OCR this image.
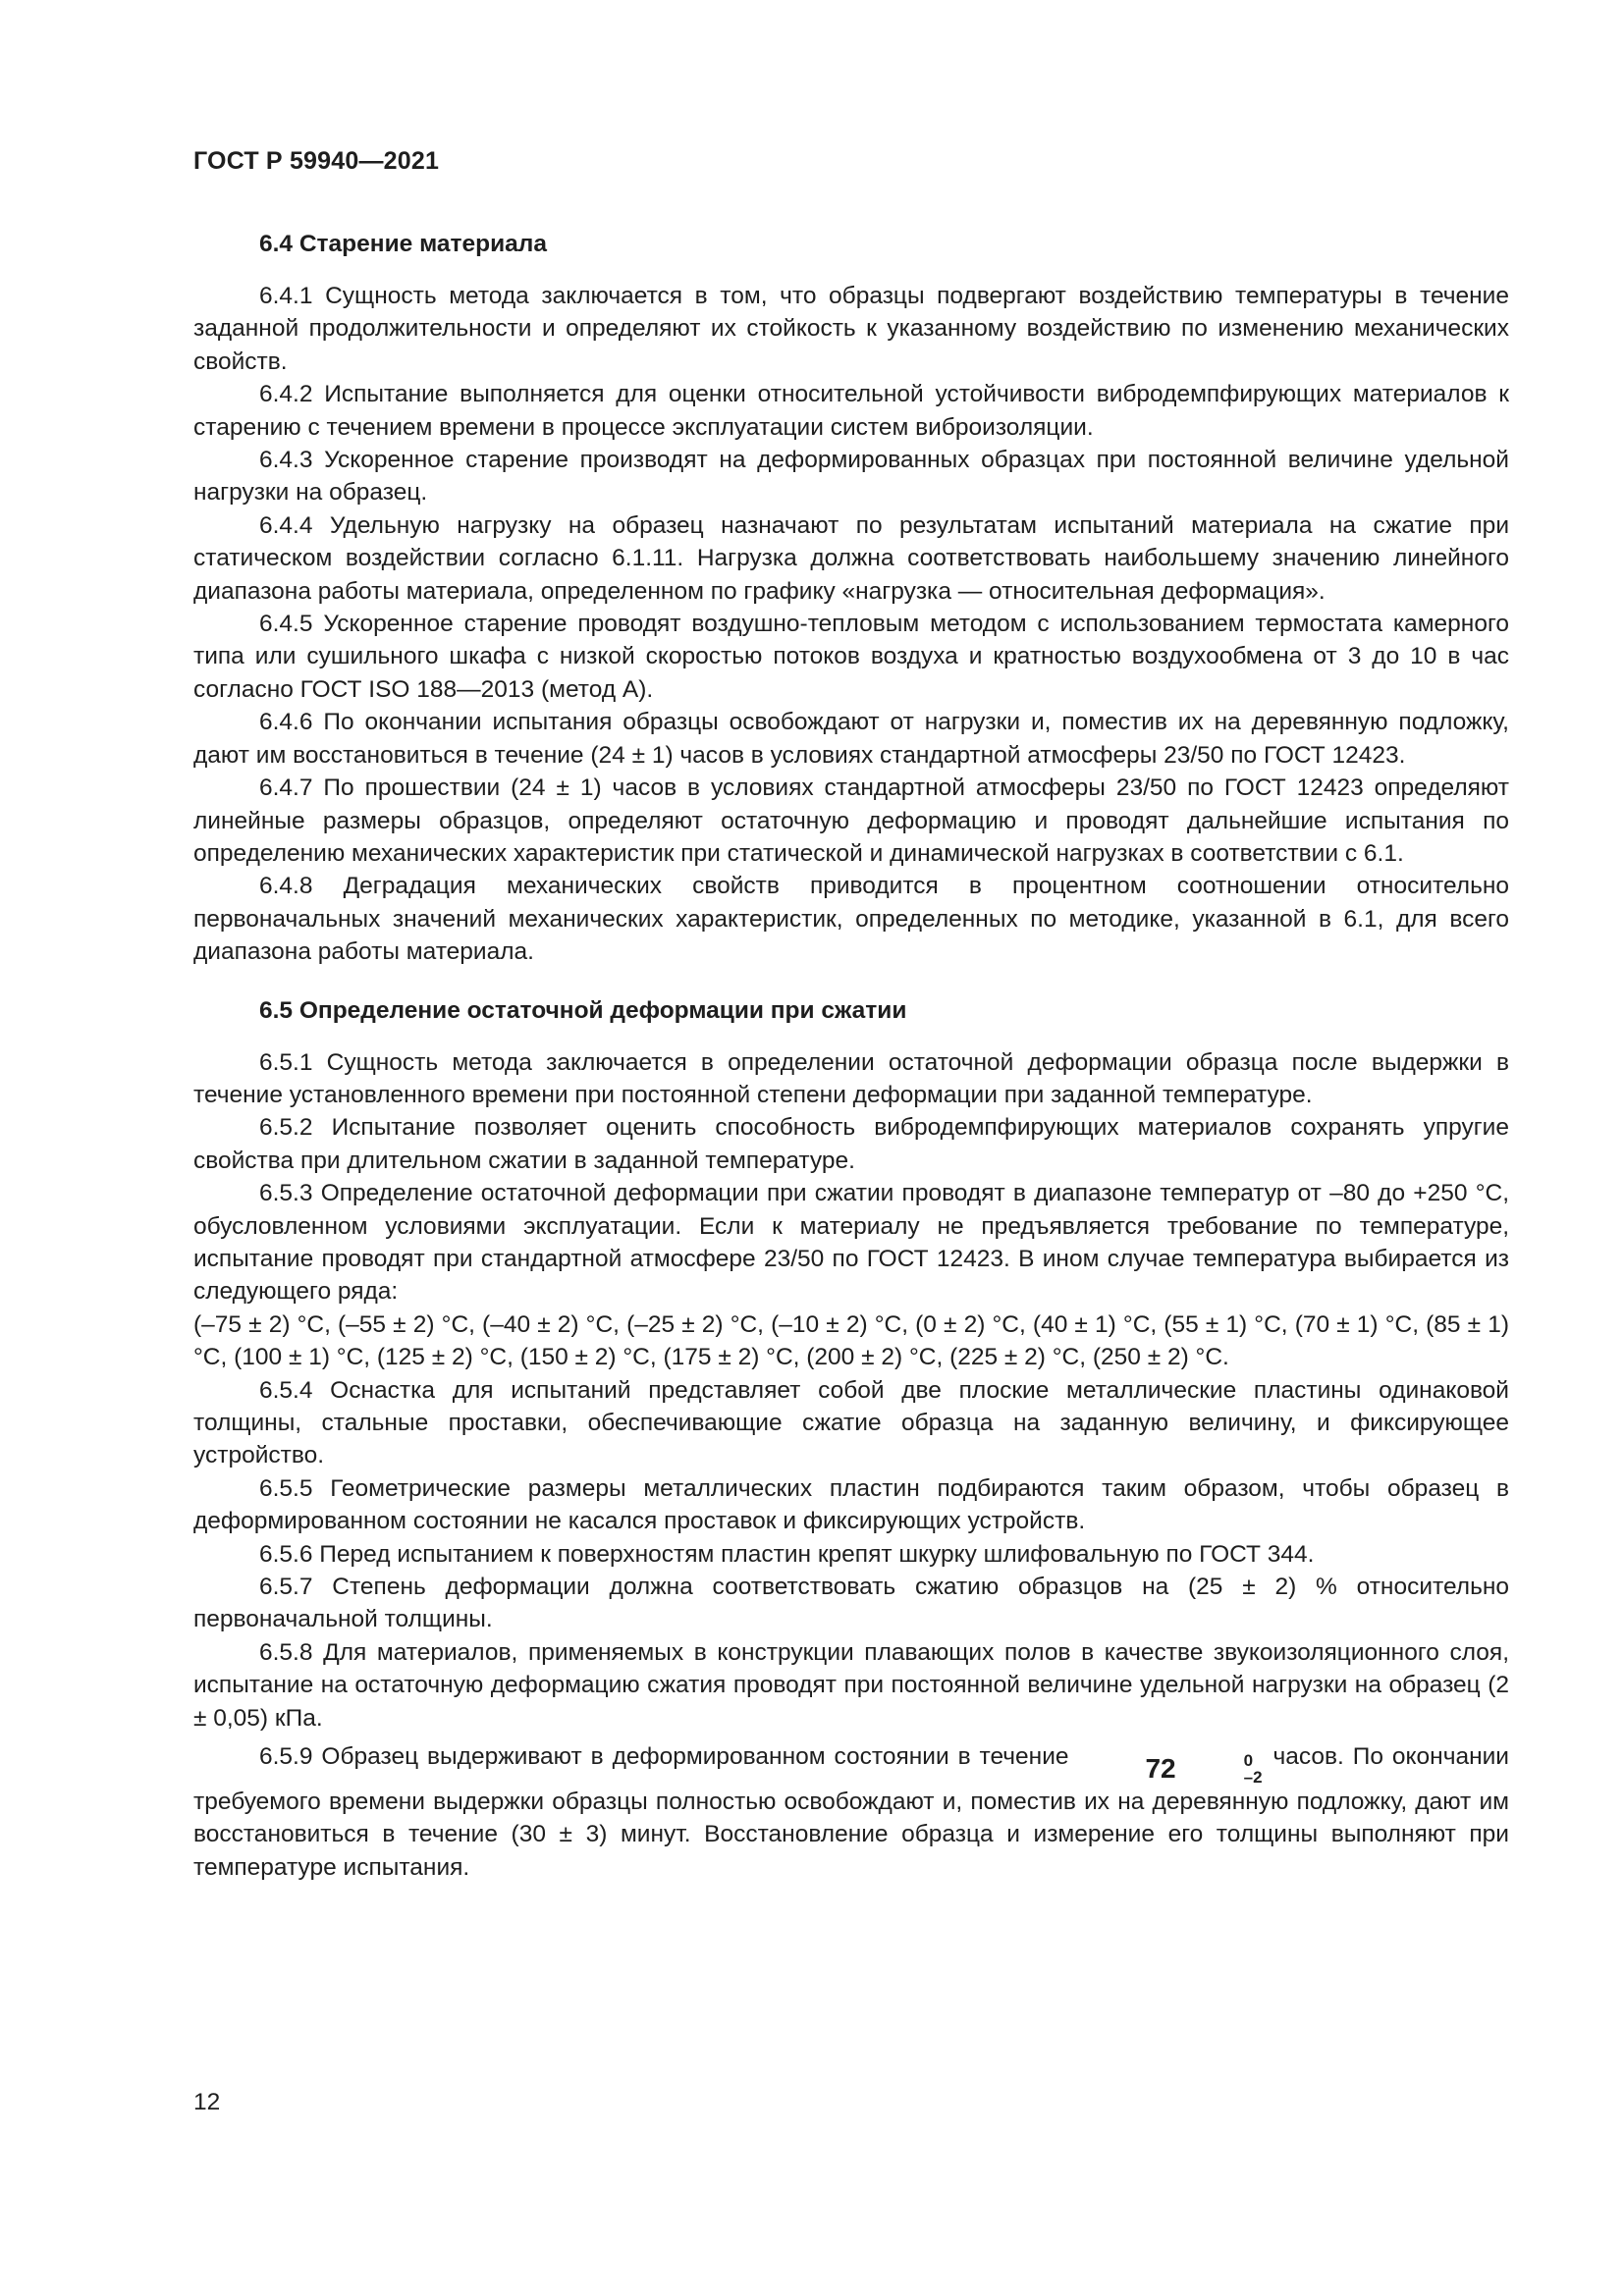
ГОСТ Р 59940—2021
6.4 Старение материала

6.4.1 Сущность метода заключается в том, что образцы подвергают воздействию температуры в течение заданной продолжительности и определяют их стойкость к указанному воздействию по изменению механических свойств.

6.4.2 Испытание выполняется для оценки относительной устойчивости вибродемпфирующих материалов к старению с течением времени в процессе эксплуатации систем виброизоляции.

6.4.3 Ускоренное старение производят на деформированных образцах при постоянной величине удельной нагрузки на образец.

6.4.4 Удельную нагрузку на образец назначают по результатам испытаний материала на сжатие при статическом воздействии согласно 6.1.11. Нагрузка должна соответствовать наибольшему значению линейного диапазона работы материала, определенном по графику «нагрузка — относительная деформация».

6.4.5 Ускоренное старение проводят воздушно-тепловым методом с использованием термостата камерного типа или сушильного шкафа с низкой скоростью потоков воздуха и кратностью воздухообмена от 3 до 10 в час согласно ГОСТ ISO 188—2013 (метод А).

6.4.6 По окончании испытания образцы освобождают от нагрузки и, поместив их на деревянную подложку, дают им восстановиться в течение (24 ± 1) часов в условиях стандартной атмосферы 23/50 по ГОСТ 12423.

6.4.7 По прошествии (24 ± 1) часов в условиях стандартной атмосферы 23/50 по ГОСТ 12423 определяют линейные размеры образцов, определяют остаточную деформацию и проводят дальнейшие испытания по определению механических характеристик при статической и динамической нагрузках в соответствии с 6.1.

6.4.8 Деградация механических свойств приводится в процентном соотношении относительно первоначальных значений механических характеристик, определенных по методике, указанной в 6.1, для всего диапазона работы материала.

6.5 Определение остаточной деформации при сжатии

6.5.1 Сущность метода заключается в определении остаточной деформации образца после выдержки в течение установленного времени при постоянной степени деформации при заданной температуре.

6.5.2 Испытание позволяет оценить способность вибродемпфирующих материалов сохранять упругие свойства при длительном сжатии в заданной температуре.

6.5.3 Определение остаточной деформации при сжатии проводят в диапазоне температур от –80 до +250 °С, обусловленном условиями эксплуатации. Если к материалу не предъявляется требование по температуре, испытание проводят при стандартной атмосфере 23/50 по ГОСТ 12423. В ином случае температура выбирается из следующего ряда:

(–75 ± 2) °С, (–55 ± 2) °С, (–40 ± 2) °С, (–25 ± 2) °С, (–10 ± 2) °С, (0 ± 2) °С, (40 ± 1) °С, (55 ± 1) °С, (70 ± 1) °С, (85 ± 1) °С, (100 ± 1) °С, (125 ± 2) °С, (150 ± 2) °С, (175 ± 2) °С, (200 ± 2) °С, (225 ± 2) °С, (250 ± 2) °С.

6.5.4 Оснастка для испытаний представляет собой две плоские металлические пластины одинаковой толщины, стальные проставки, обеспечивающие сжатие образца на заданную величину, и фиксирующее устройство.

6.5.5 Геометрические размеры металлических пластин подбираются таким образом, чтобы образец в деформированном состоянии не касался проставок и фиксирующих устройств.

6.5.6 Перед испытанием к поверхностям пластин крепят шкурку шлифовальную по ГОСТ 344.

6.5.7 Степень деформации должна соответствовать сжатию образцов на (25 ± 2) % относительно первоначальной толщины.

6.5.8 Для материалов, применяемых в конструкции плавающих полов в качестве звукоизоляционного слоя, испытание на остаточную деформацию сжатия проводят при постоянной величине удельной нагрузки на образец (2 ± 0,05) кПа.

6.5.9 Образец выдерживают в деформированном состоянии в течение	72	0
–2
часов. По окончании требуемого времени выдержки образцы полностью освобождают и, поместив их на деревянную подложку, дают им восстановиться в течение (30 ± 3) минут. Восстановление образца и измерение его толщины выполняют при температуре испытания.

12
